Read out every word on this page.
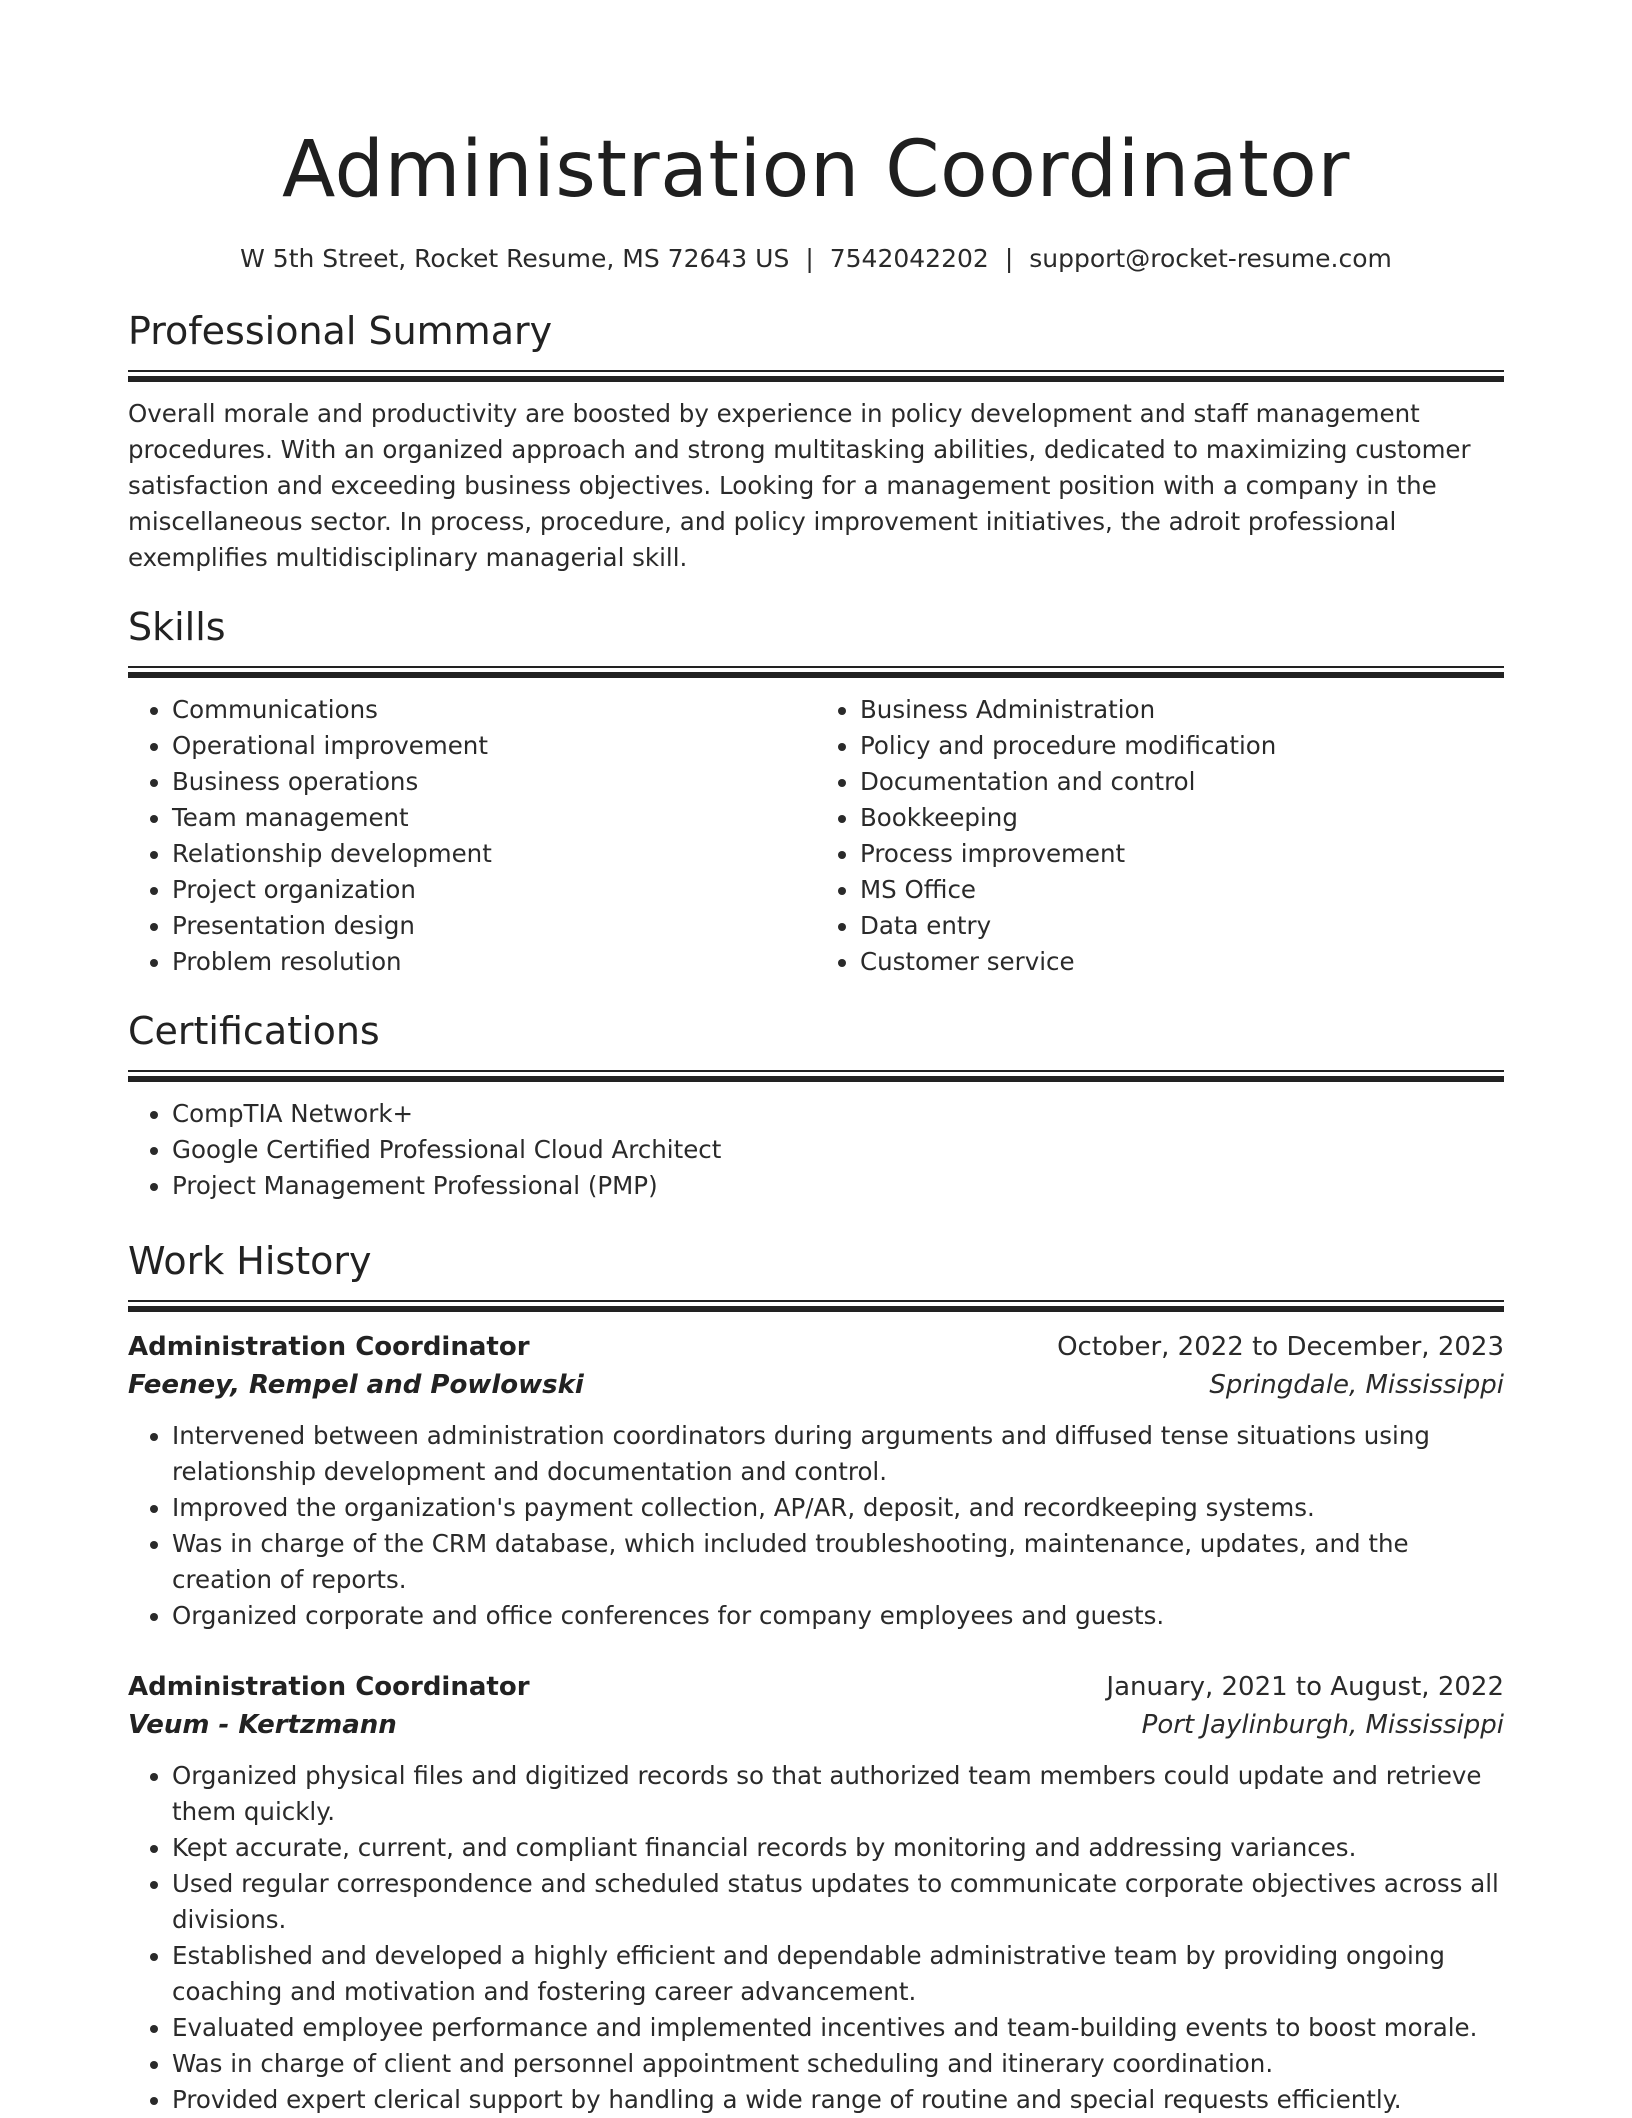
Administration Coordinator
W 5th Street, Rocket Resume, MS 72643 US | 7542042202 | support@rocket-resume.com
Professional Summary

Overall morale and productivity are boosted by experience in policy development and staff management procedures. With an organized approach and strong multitasking abilities, dedicated to maximizing customer satisfaction and exceeding business objectives. Looking for a management position with a company in the miscellaneous sector. In process, procedure, and policy improvement initiatives, the adroit professional exemplifies multidisciplinary managerial skill.

Skills
• Communications
• Operational improvement
• Business operations
• Team management
• Relationship development
• Project organization
• Presentation design
• Problem resolution
• Business Administration
• Policy and procedure modification
• Documentation and control
• Bookkeeping
• Process improvement
• MS Office
• Data entry
• Customer service
Certifications
• CompTIA Network+
• Google Certified Professional Cloud Architect
• Project Management Professional (PMP)
Work History
Administration Coordinator	October, 2022 to December, 2023
Feeney, Rempel and Powlowski	Springdale, Mississippi
• Intervened between administration coordinators during arguments and diffused tense situations using relationship development and documentation and control.
• Improved the organization's payment collection, AP/AR, deposit, and recordkeeping systems.
• Was in charge of the CRM database, which included troubleshooting, maintenance, updates, and the creation of reports.
• Organized corporate and office conferences for company employees and guests.
Administration Coordinator	January, 2021 to August, 2022
Veum - Kertzmann	Port Jaylinburgh, Mississippi
• Organized physical files and digitized records so that authorized team members could update and retrieve them quickly.
• Kept accurate, current, and compliant financial records by monitoring and addressing variances.
• Used regular correspondence and scheduled status updates to communicate corporate objectives across all divisions.
• Established and developed a highly efficient and dependable administrative team by providing ongoing coaching and motivation and fostering career advancement.
• Evaluated employee performance and implemented incentives and team-building events to boost morale.
• Was in charge of client and personnel appointment scheduling and itinerary coordination.
• Provided expert clerical support by handling a wide range of routine and special requests efficiently.
